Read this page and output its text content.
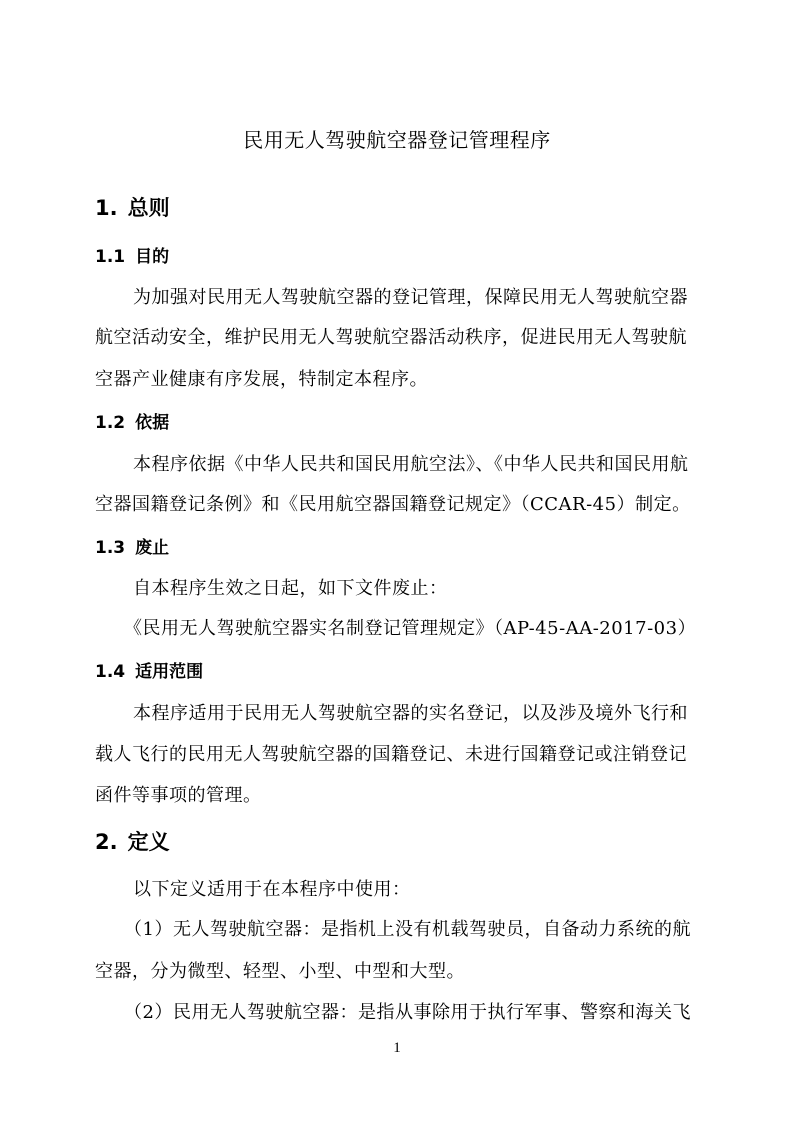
民用无人驾驶航空器登记管理程序
1. 总则
1.1 目的
为加强对民用无人驾驶航空器的登记管理，保障民用无人驾驶航空器
航空活动安全，维护民用无人驾驶航空器活动秩序，促进民用无人驾驶航
空器产业健康有序发展，特制定本程序。
1.2 依据
本程序依据《中华人民共和国民用航空法》、《中华人民共和国民用航
空器国籍登记条例》和《民用航空器国籍登记规定》（CCAR-45）制定。
1.3 废止
自本程序生效之日起，如下文件废止：
《民用无人驾驶航空器实名制登记管理规定》（AP-45-AA-2017-03）
1.4 适用范围
本程序适用于民用无人驾驶航空器的实名登记，以及涉及境外飞行和
载人飞行的民用无人驾驶航空器的国籍登记、未进行国籍登记或注销登记
函件等事项的管理。
2. 定义
以下定义适用于在本程序中使用：
（1）无人驾驶航空器：是指机上没有机载驾驶员，自备动力系统的航
空器，分为微型、轻型、小型、中型和大型。
（2）民用无人驾驶航空器：是指从事除用于执行军事、警察和海关飞
1
